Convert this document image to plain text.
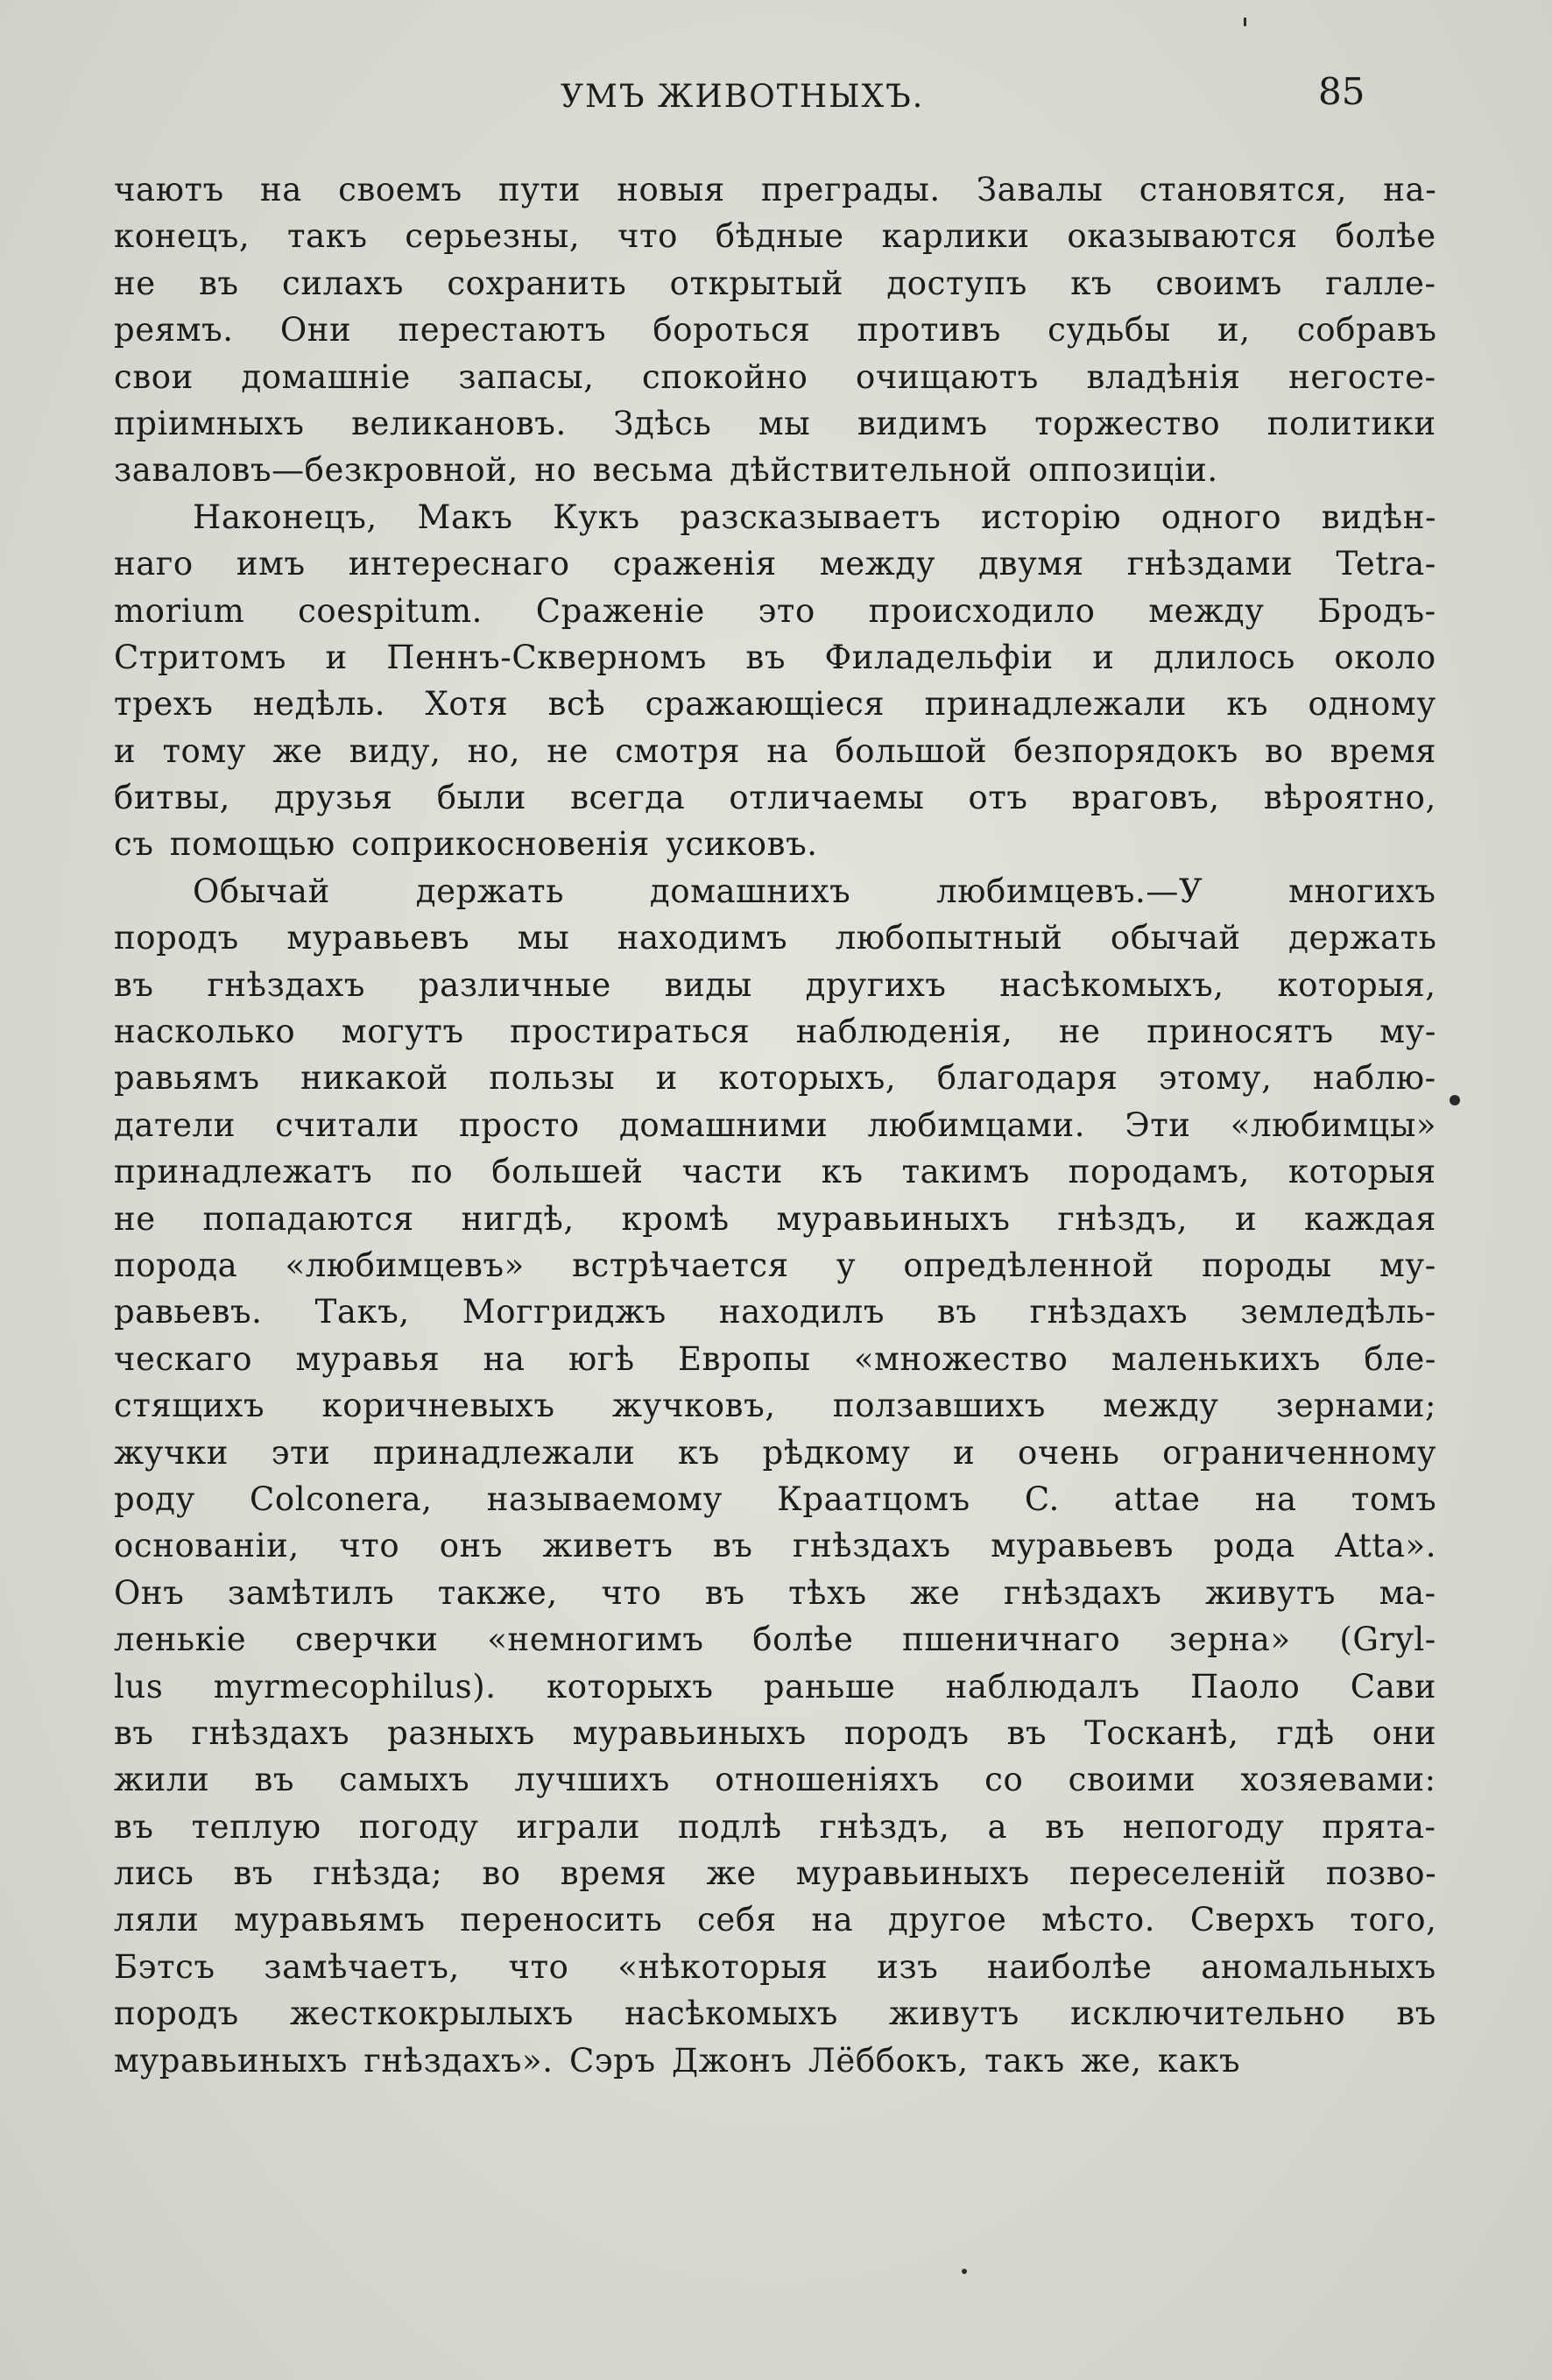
УМЪ ЖИВОТНЫХЪ.	85
чаютъ на своемъ пути новыя преграды. Завалы становятся, на-
конецъ, такъ серьезны, что бѣдные карлики оказываются болѣе
не въ силахъ сохранить открытый доступъ къ своимъ галле-
реямъ. Они перестаютъ бороться противъ судьбы и, собравъ
свои домашніе запасы, спокойно очищаютъ владѣнія негосте-
пріимныхъ великановъ. Здѣсь мы видимъ торжество политики
заваловъ—безкровной, но весьма дѣйствительной оппозиціи.
Наконецъ, Макъ Кукъ разсказываетъ исторію одного видѣн-
наго имъ интереснаго сраженія между двумя гнѣздами Tetra-
morium coespitum. Сраженіе это происходило между Бродъ-
Стритомъ и Пеннъ-Скверномъ въ Филадельфіи и длилось около
трехъ недѣль. Хотя всѣ сражающіеся принадлежали къ одному
и тому же виду, но, не смотря на большой безпорядокъ во время
битвы, друзья были всегда отличаемы отъ враговъ, вѣроятно,
съ помощью соприкосновенія усиковъ.
Обычай держать домашнихъ любимцевъ.—У многихъ
породъ муравьевъ мы находимъ любопытный обычай держать
въ гнѣздахъ различные виды другихъ насѣкомыхъ, которыя,
насколько могутъ простираться наблюденія, не приносятъ му-
равьямъ никакой пользы и которыхъ, благодаря этому, наблю-
датели считали просто домашними любимцами. Эти «любимцы»
принадлежатъ по большей части къ такимъ породамъ, которыя
не попадаются нигдѣ, кромѣ муравьиныхъ гнѣздъ, и каждая
порода «любимцевъ» встрѣчается у опредѣленной породы му-
равьевъ. Такъ, Моггриджъ находилъ въ гнѣздахъ земледѣль-
ческаго муравья на югѣ Европы «множество маленькихъ бле-
стящихъ коричневыхъ жучковъ, ползавшихъ между зернами;
жучки эти принадлежали къ рѣдкому и очень ограниченному
роду Colconera, называемому Краатцомъ C. attae на томъ
основаніи, что онъ живетъ въ гнѣздахъ муравьевъ рода Atta».
Онъ замѣтилъ также, что въ тѣхъ же гнѣздахъ живутъ ма-
ленькіе сверчки «немногимъ болѣе пшеничнаго зерна» (Gryl-
lus myrmecophilus). которыхъ раньше наблюдалъ Паоло Сави
въ гнѣздахъ разныхъ муравьиныхъ породъ въ Тосканѣ, гдѣ они
жили въ самыхъ лучшихъ отношеніяхъ со своими хозяевами:
въ теплую погоду играли подлѣ гнѣздъ, а въ непогоду прята-
лись въ гнѣзда; во время же муравьиныхъ переселеній позво-
ляли муравьямъ переносить себя на другое мѣсто. Сверхъ того,
Бэтсъ замѣчаетъ, что «нѣкоторыя изъ наиболѣе аномальныхъ
породъ жесткокрылыхъ насѣкомыхъ живутъ исключительно въ
муравьиныхъ гнѣздахъ». Сэръ Джонъ Лёббокъ, такъ же, какъ
